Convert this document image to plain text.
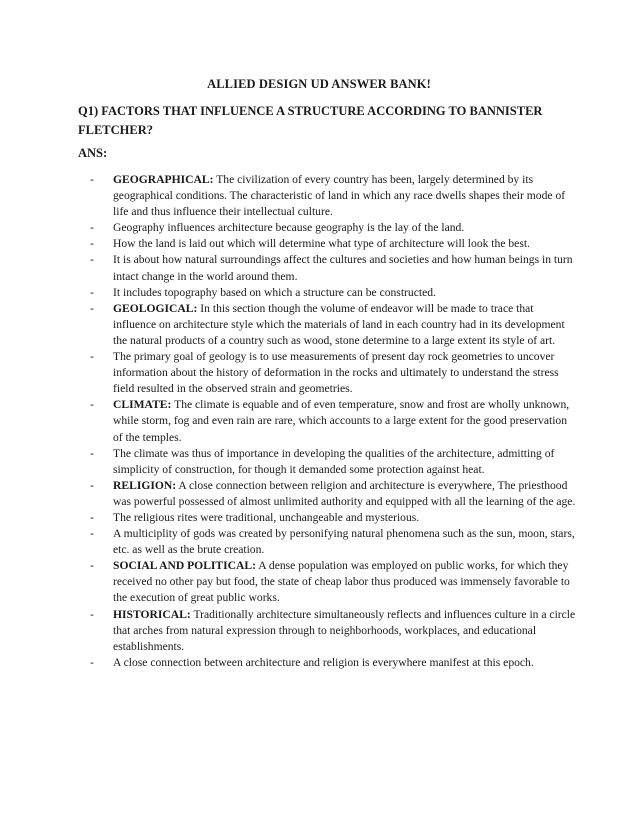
ALLIED DESIGN UD ANSWER BANK!
Q1) FACTORS THAT INFLUENCE A STRUCTURE ACCORDING TO BANNISTER FLETCHER?
ANS:
- GEOGRAPHICAL: The civilization of every country has been, largely determined by its geographical conditions. The characteristic of land in which any race dwells shapes their mode of life and thus influence their intellectual culture.
- Geography influences architecture because geography is the lay of the land.
- How the land is laid out which will determine what type of architecture will look the best.
- It is about how natural surroundings affect the cultures and societies and how human beings in turn intact change in the world around them.
- It includes topography based on which a structure can be constructed.
- GEOLOGICAL: In this section though the volume of endeavor will be made to trace that influence on architecture style which the materials of land in each country had in its development the natural products of a country such as wood, stone determine to a large extent its style of art.
- The primary goal of geology is to use measurements of present day rock geometries to uncover information about the history of deformation in the rocks and ultimately to understand the stress field resulted in the observed strain and geometries.
- CLIMATE: The climate is equable and of even temperature, snow and frost are wholly unknown, while storm, fog and even rain are rare, which accounts to a large extent for the good preservation of the temples.
- The climate was thus of importance in developing the qualities of the architecture, admitting of simplicity of construction, for though it demanded some protection against heat.
- RELIGION: A close connection between religion and architecture is everywhere, The priesthood was powerful possessed of almost unlimited authority and equipped with all the learning of the age.
- The religious rites were traditional, unchangeable and mysterious.
- A multiciplity of gods was created by personifying natural phenomena such as the sun, moon, stars, etc. as well as the brute creation.
- SOCIAL AND POLITICAL: A dense population was employed on public works, for which they received no other pay but food, the state of cheap labor thus produced was immensely favorable to the execution of great public works.
- HISTORICAL: Traditionally architecture simultaneously reflects and influences culture in a circle that arches from natural expression through to neighborhoods, workplaces, and educational establishments.
- A close connection between architecture and religion is everywhere manifest at this epoch.
